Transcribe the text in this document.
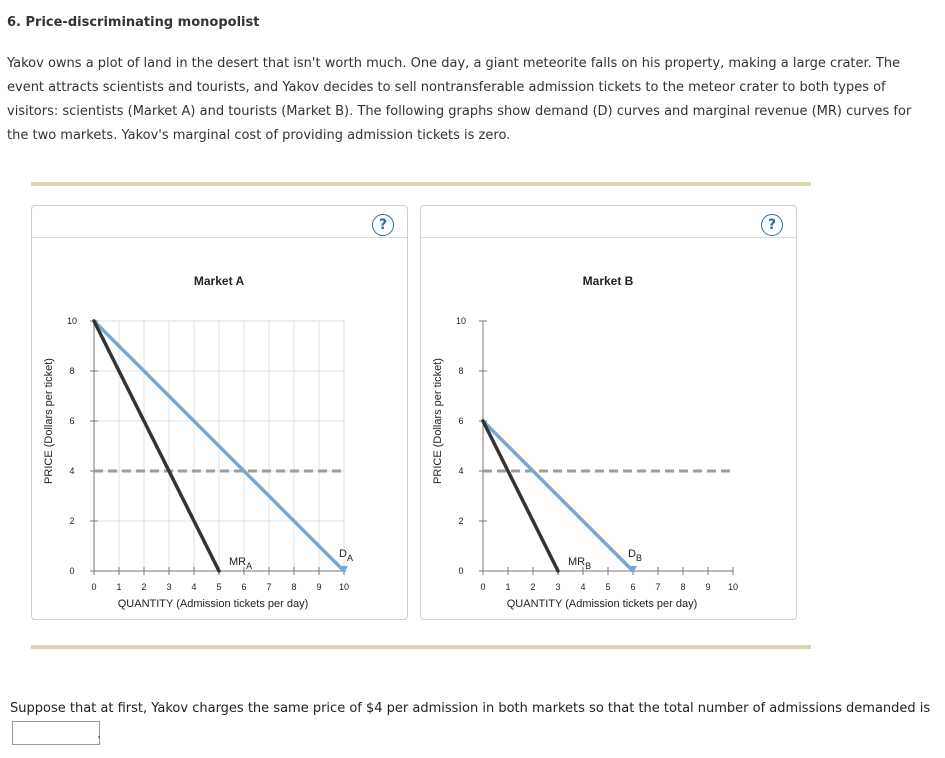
6. Price-discriminating monopolist
Yakov owns a plot of land in the desert that isn't worth much. One day, a giant meteorite falls on his property, making a large crater. The event attracts scientists and tourists, and Yakov decides to sell nontransferable admission tickets to the meteor crater to both types of visitors: scientists (Market A) and tourists (Market B). The following graphs show demand (D) curves and marginal revenue (MR) curves for the two markets. Yakov's marginal cost of providing admission tickets is zero.
?
Market A
0 1 2 3 4 5 6 7 8 9 10
0
2
4
6
8
10
QUANTITY (Admission tickets per day)
PRICE (Dollars per ticket)
$D_A$
$MR_A$
?
Market B
0 1 2 3 4 5 6 7 8 9 10
0
2
4
6
8
10
QUANTITY (Admission tickets per day)
PRICE (Dollars per ticket)
$D_B$
$MR_B$
Suppose that at first, Yakov charges the same price of $4 per admission in both markets so that the total number of admissions demanded is
.
